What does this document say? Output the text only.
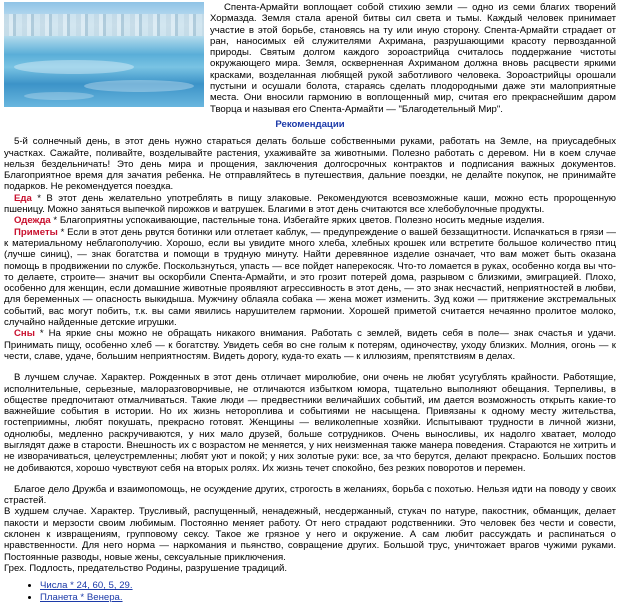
Спента-Армайти воплощает собой стихию земли — одно из семи благих творений Хормазда. Земля стала ареной битвы сил света и тьмы. Каждый человек принимает участие в этой борьбе, становясь на ту или иную сторону. Спента-Армайти страдает от ран, наносимых ей служителями Ахримана, разрушающими красоту первозданной природы. Святым долгом каждого зороастрийца считалось поддержание чистоты окружающего мира. Земля, оскверненная Ахриманом должна вновь расцвести яркими красками, возделанная любящей рукой заботливого человека. Зороастрийцы орошали пустыни и осушали болота, стараясь сделать плодородными даже эти малоприятные места. Они вносили гармонию в воплощенный мир, считая его прекраснейшим даром Творца и называя его Спента-Армайти — "Благодетельный Мир".

Рекомендации

5-й солнечный день, в этот день нужно стараться делать больше собственными руками, работать на Земле, на приусадебных участках. Сажайте, поливайте, возделывайте растения, ухаживайте за животными. Полезно работать с деревом. Ни в коем случае нельзя бездельничать! Это день мира и прощения, заключения долгосрочных контрактов и подписания важных документов. Благоприятное время для зачатия ребенка. Не отправляйтесь в путешествия, дальние поездки, не делайте покупок, не принимайте подарков. Не рекомендуется поездка.

Еда * В этот день желательно употреблять в пищу злаковые. Рекомендуются всевозможные каши, можно есть пророщенную пшеницу. Можно заняться выпечкой пирожков и ватрушек. Благими в этот день считаются все хлебобулочные продукты.

Одежда * Благоприятны успокаивающие, пастельные тона. Избегайте ярких цветов. Полезно носить медные изделия.

Приметы * Если в этот день рвутся ботинки или отлетает каблук, — предупреждение о вашей беззащитности. Испачкаться в грязи — к материальному неблагополучию. Хорошо, если вы увидите много хлеба, хлебных крошек или встретите большое количество птиц (лучше синиц), — знак богатства и помощи в трудную минуту. Найти деревянное изделие означает, что вам может быть оказана помощь в продвижении по службе. Поскользнуться, упасть — все пойдет наперекосяк. Что-то ломается в руках, особенно когда вы что-то делаете, строите— значит вы оскорбили Спента-Армайти, и это грозит потерей дома, разрывом с близкими, эмиграцией. Плохо, особенно для женщин, если домашние животные проявляют агрессивность в этот день, — это знак несчастий, неприятностей в любви, для беременных — опасность выкидыша. Мужчину облаяла собака — жена может изменить. Зуд кожи — притяжение экстремальных событий, вас могут побить, т.к. вы сами явились нарушителем гармонии. Хорошей приметой считается нечаянно пролитое молоко, случайно найденные детские игрушки.

Сны * На яркие сны можно не обращать никакого внимания. Работать с землей, видеть себя в поле— знак счастья и удачи. Принимать пищу, особенно хлеб — к богатству. Увидеть себя во сне голым к потерям, одиночеству, уходу близких. Молния, огонь — к чести, славе, удаче, большим неприятностям. Видеть дорогу, куда-то ехать — к иллюзиям, препятствиям в делах.

В лучшем случае. Характер. Рожденных в этот день отличает миролюбие, они очень не любят усугублять крайности. Работящие, исполнительные, серьезные, малоразговорчивые, не отличаются избытком юмора, тщательно выполняют обещания. Терпеливы, в обществе предпочитают отмалчиваться. Такие люди — предвестники величайших событий, им дается возможность открыть какие-то важнейшие события в истории. Но их жизнь нетороплива и событиями не насыщена. Привязаны к одному месту жительства, гостеприимны, любят покушать, прекрасно готовят. Женщины — великолепные хозяйки. Испытывают трудности в личной жизни, однолюбы, медленно раскручиваются, у них мало друзей, больше сотрудников. Очень выносливы, их надолго хватает, молодо выглядят даже в старости. Внешность их с возрастом не меняется, у них неизменная также манера поведения. Стараются не хитрить и не изворачиваться, целеустремленны; любят уют и покой; у них золотые руки: все, за что берутся, делают прекрасно. Больших постов не добиваются, хорошо чувствуют себя на вторых ролях. Их жизнь течет спокойно, без резких поворотов и перемен.

Благое дело Дружба и взаимопомощь, не осуждение других, строгость в желаниях, борьба с похотью. Нельзя идти на поводу у своих страстей.

В худшем случае. Характер. Трусливый, распущенный, ненадежный, несдержанный, стукач по натуре, пакостник, обманщик, делает пакости и мерзости своим любимым. Постоянно меняет работу. От него страдают родственники. Это человек без чести и совести, склонен к извращениям, групповому сексу. Такое же грязное у него и окружение. А сам любит рассуждать и распинаться о нравственности. Для него норма — наркомания и пьянство, совращение других. Большой трус, уничтожает врагов чужими руками. Постоянные разводы, новые жены, сексуальные приключения.

Грех. Подлость, предательство Родины, разрушение традиций.

• Числа * 24, 60, 5, 29.
• Планета * Венера.
